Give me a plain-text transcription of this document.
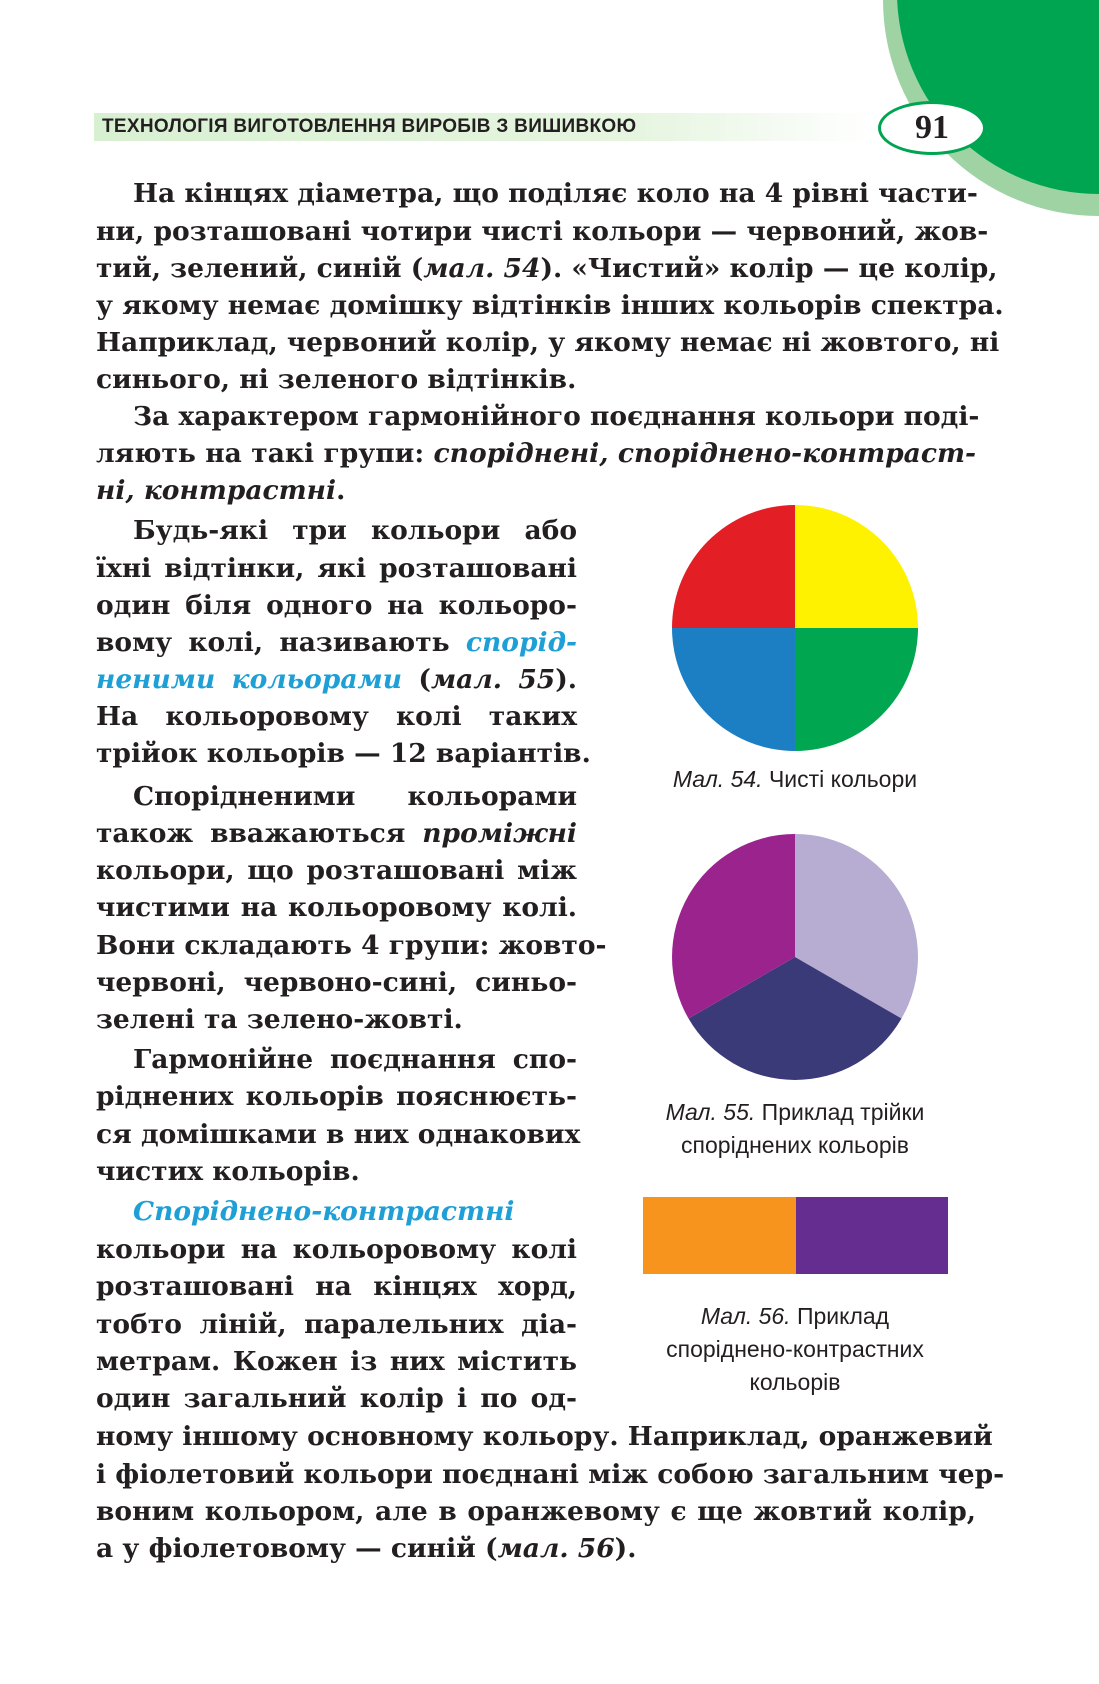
ТЕХНОЛОГІЯ ВИГОТОВЛЕННЯ ВИРОБІВ З ВИШИВКОЮ	91
На кінцях діаметра, що поділяє коло на 4 рівні части-
ни, розташовані чотири чисті кольори — червоний, жов-
тий, зелений, синій (мал. 54). «Чистий» колір — це колір,
у якому немає домішку відтінків інших кольорів спектра.
Наприклад, червоний колір, у якому немає ні жовтого, ні
синього, ні зеленого відтінків.
За характером гармонійного поєднання кольори поді-
ляють на такі групи: споріднені, споріднено-контраст-
ні, контрастні.
Будь-які три кольори або
їхні відтінки, які розташовані
один біля одного на кольоро-
вому колі, називають спорід-
неними кольорами (мал. 55).
На кольоровому колі таких
трійок кольорів — 12 варіантів.
Спорідненими кольорами
також вважаються проміжні
кольори, що розташовані між
чистими на кольоровому колі.
Вони складають 4 групи: жовто-
червоні, червоно-сині, синьо-
зелені та зелено-жовті.
Гармонійне поєднання спо-
ріднених кольорів пояснюєть-
ся домішками в них однакових
чистих кольорів.
Споріднено-контрастні
кольори на кольоровому колі
розташовані на кінцях хорд,
тобто ліній, паралельних діа-
метрам. Кожен із них містить
один загальний колір і по од-
ному іншому основному кольору. Наприклад, оранжевий
і фіолетовий кольори поєднані між собою загальним чер-
воним кольором, але в оранжевому є ще жовтий колір,
а у фіолетовому — синій (мал. 56).
Мал. 54. Чисті кольори
Мал. 55. Приклад трійки
споріднених кольорів
Мал. 56. Приклад
споріднено-контрастних
кольорів
